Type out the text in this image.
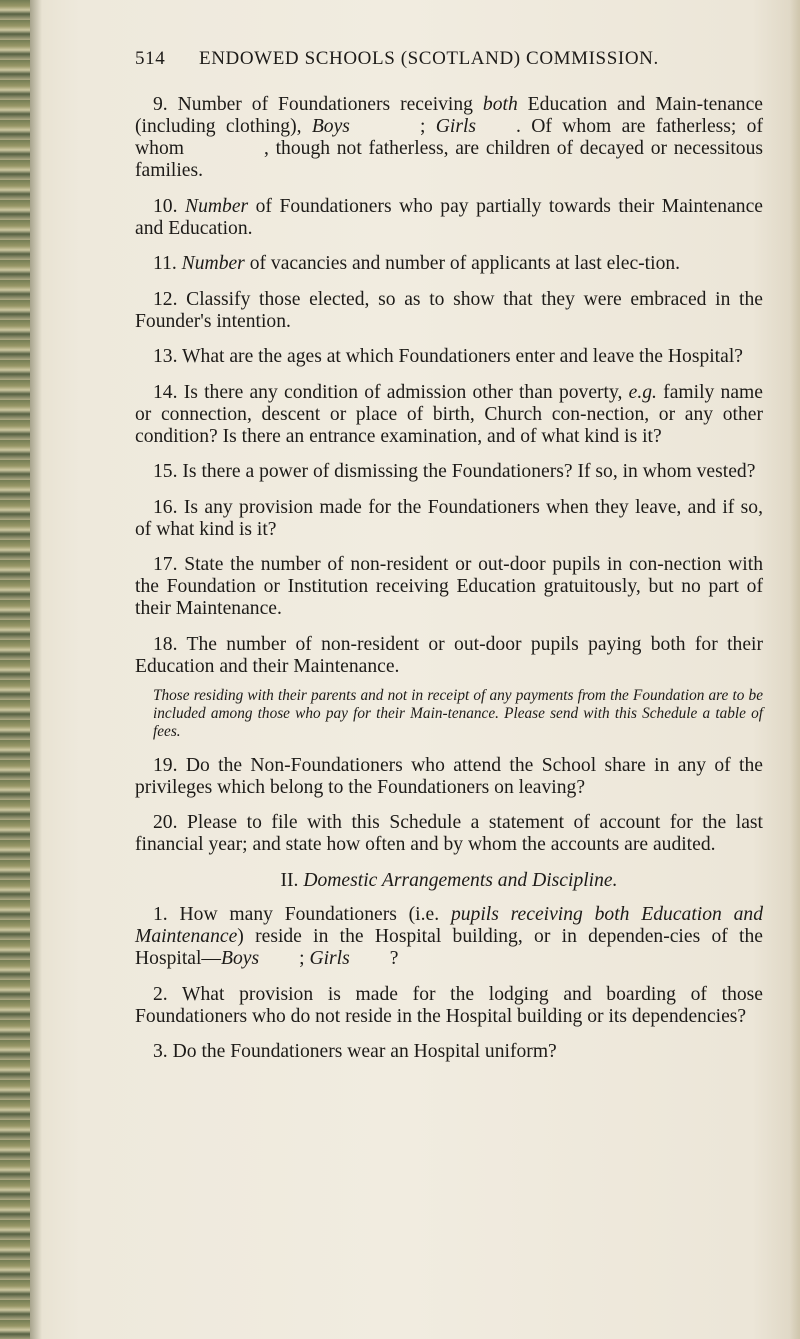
514 ENDOWED SCHOOLS (SCOTLAND) COMMISSION.

9. Number of Foundationers receiving both Education and Main-tenance (including clothing), Boys	; Girls . Of whom are fatherless; of whom	, though not fatherless, are children of decayed or necessitous families.

10. Number of Foundationers who pay partially towards their Maintenance and Education.

11. Number of vacancies and number of applicants at last elec-tion.

12. Classify those elected, so as to show that they were embraced in the Founder's intention.

13. What are the ages at which Foundationers enter and leave the Hospital?

14. Is there any condition of admission other than poverty, e.g. family name or connection, descent or place of birth, Church con-nection, or any other condition? Is there an entrance examination, and of what kind is it?

15. Is there a power of dismissing the Foundationers? If so, in whom vested?

16. Is any provision made for the Foundationers when they leave, and if so, of what kind is it?

17. State the number of non-resident or out-door pupils in con-nection with the Foundation or Institution receiving Education gratuitously, but no part of their Maintenance.

18. The number of non-resident or out-door pupils paying both for their Education and their Maintenance.

Those residing with their parents and not in receipt of any payments from the Foundation are to be included among those who pay for their Main-tenance. Please send with this Schedule a table of fees.

19. Do the Non-Foundationers who attend the School share in any of the privileges which belong to the Foundationers on leaving?

20. Please to file with this Schedule a statement of account for the last financial year; and state how often and by whom the accounts are audited.

II. Domestic Arrangements and Discipline.

1. How many Foundationers (i.e. pupils receiving both Education and Maintenance) reside in the Hospital building, or in dependen-cies of the Hospital—Boys ; Girls ?

2. What provision is made for the lodging and boarding of those Foundationers who do not reside in the Hospital building or its dependencies?

3. Do the Foundationers wear an Hospital uniform?
